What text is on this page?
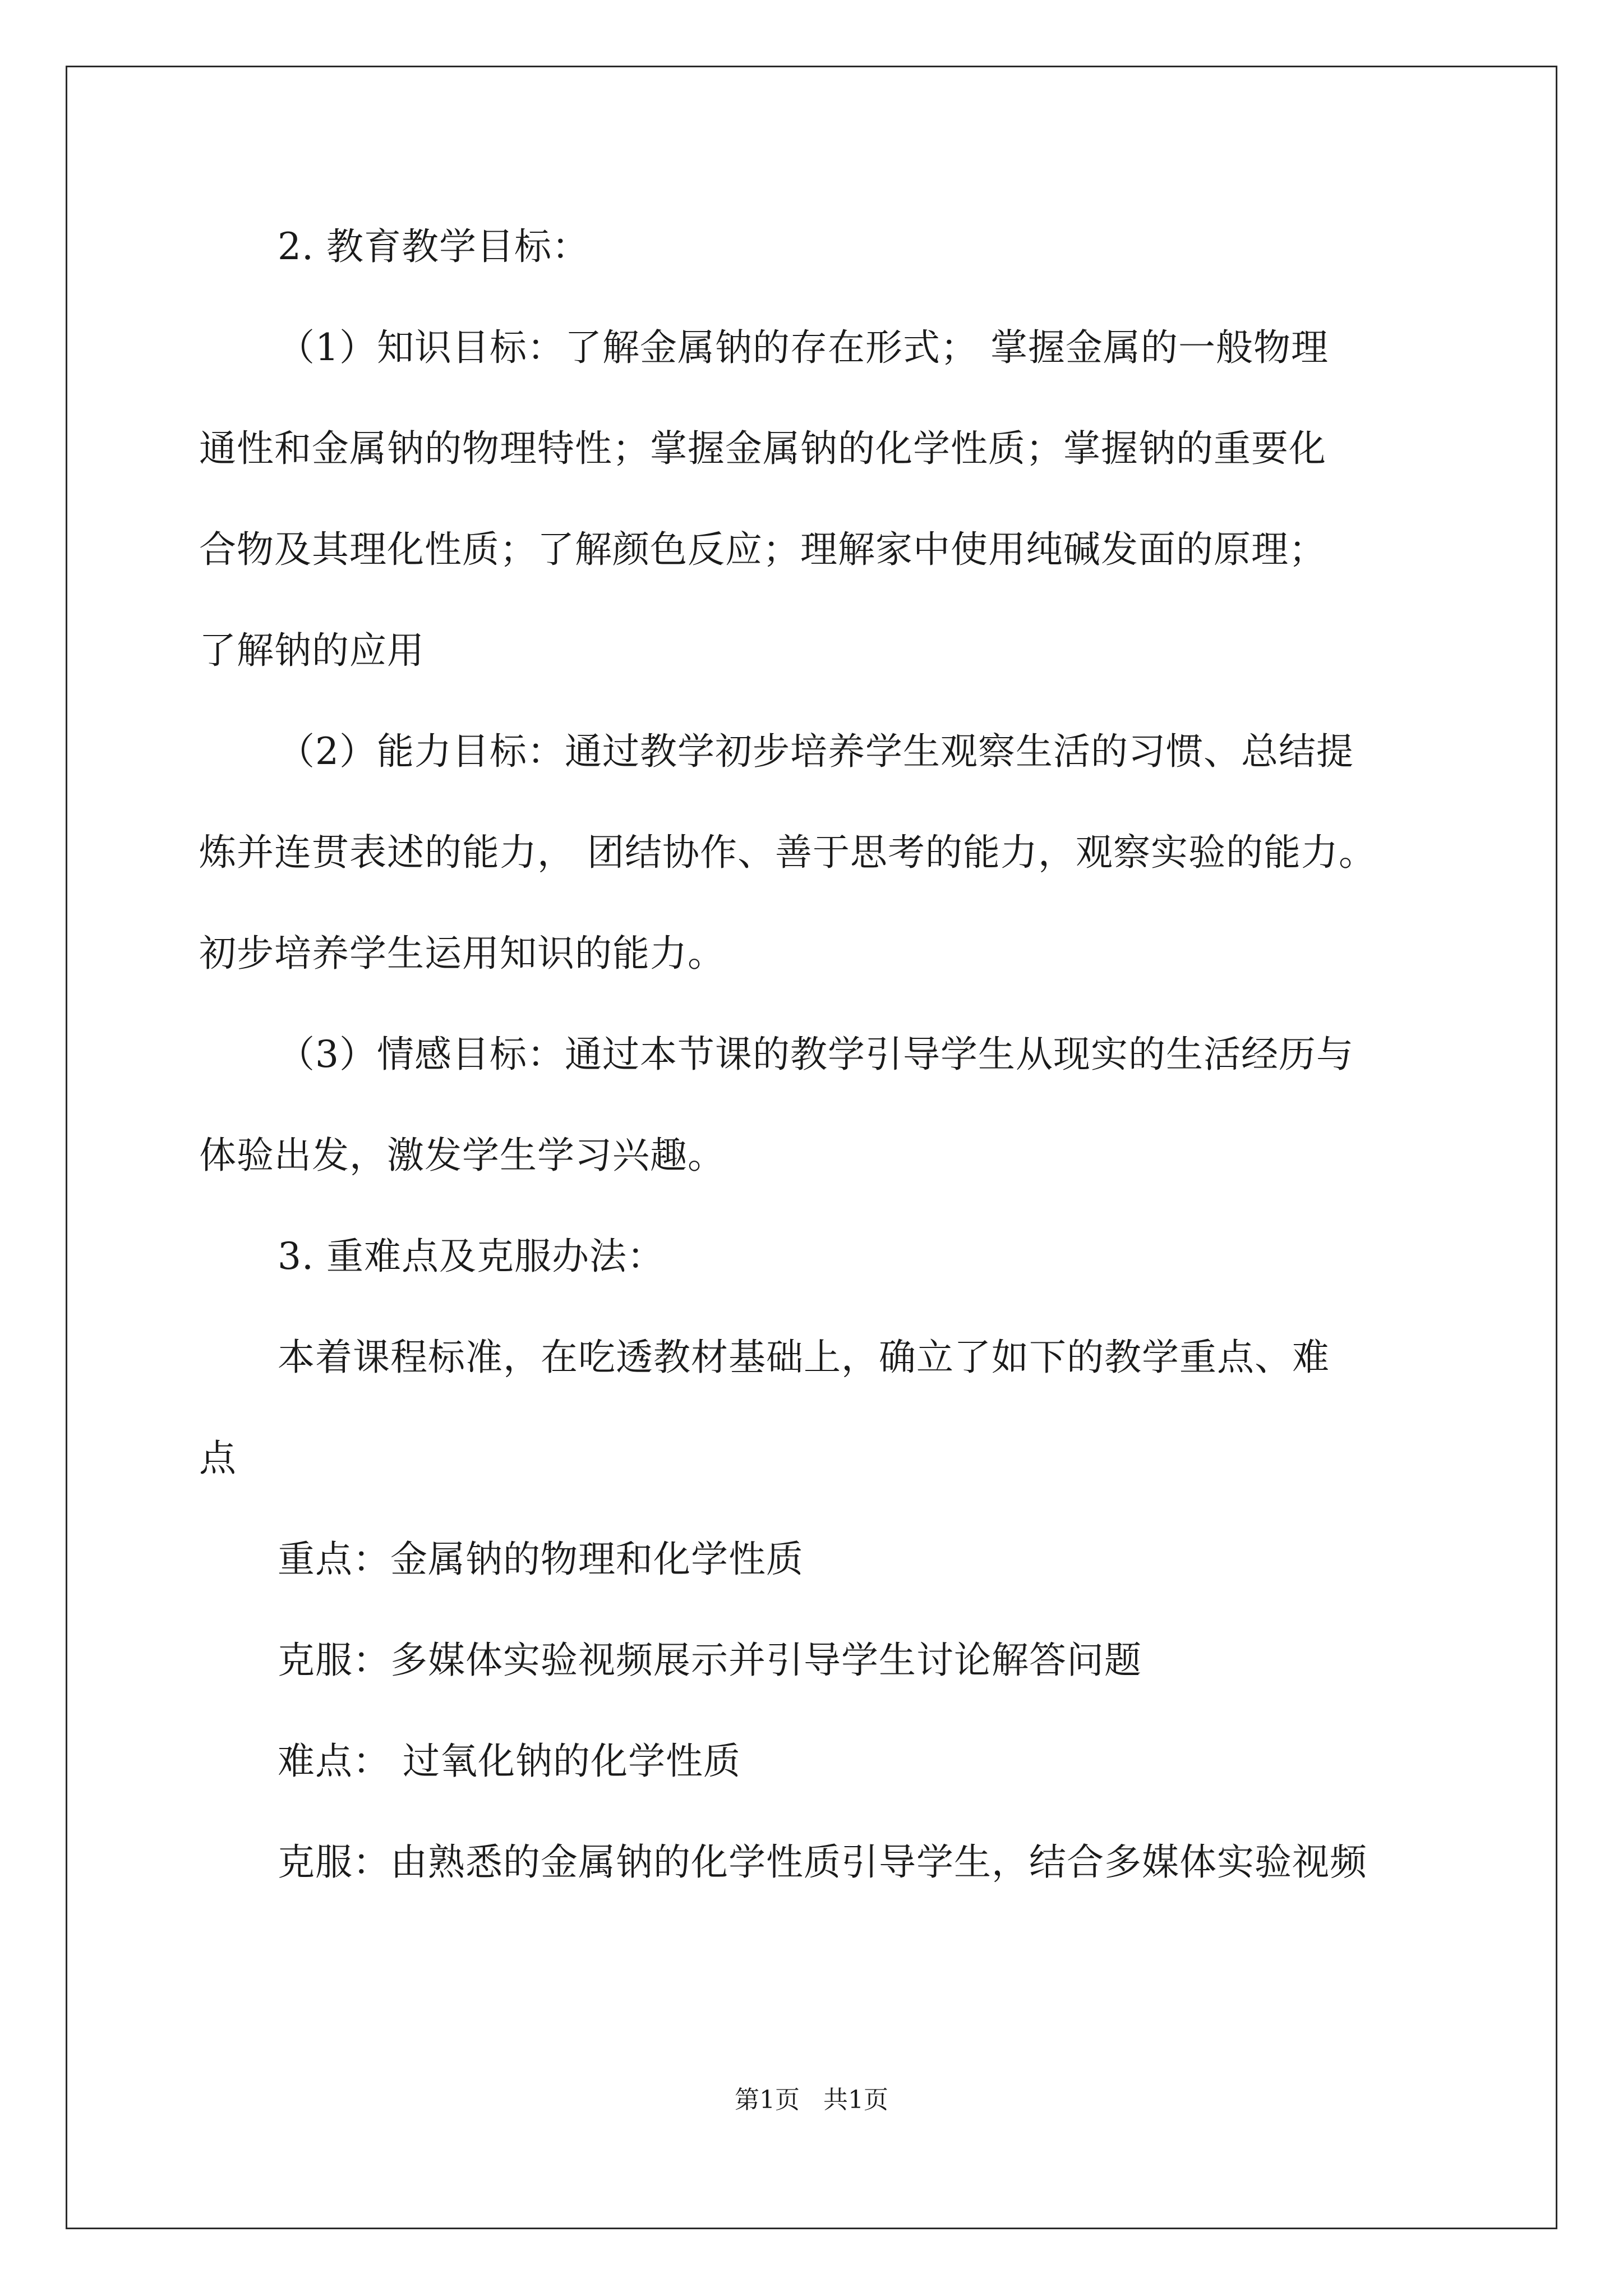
2. 教育教学目标：
（1）知识目标：了解金属钠的存在形式； 掌握金属的一般物理
通性和金属钠的物理特性；掌握金属钠的化学性质；掌握钠的重要化
合物及其理化性质；了解颜色反应；理解家中使用纯碱发面的原理；
了解钠的应用
（2）能力目标：通过教学初步培养学生观察生活的习惯、总结提
炼并连贯表述的能力， 团结协作、善于思考的能力，观察实验的能力。
初步培养学生运用知识的能力。
（3）情感目标：通过本节课的教学引导学生从现实的生活经历与
体验出发，激发学生学习兴趣。
3. 重难点及克服办法：
本着课程标准，在吃透教材基础上，确立了如下的教学重点、难
点
重点：金属钠的物理和化学性质
克服：多媒体实验视频展示并引导学生讨论解答问题
难点： 过氧化钠的化学性质
克服：由熟悉的金属钠的化学性质引导学生，结合多媒体实验视频
第1页   共1页
